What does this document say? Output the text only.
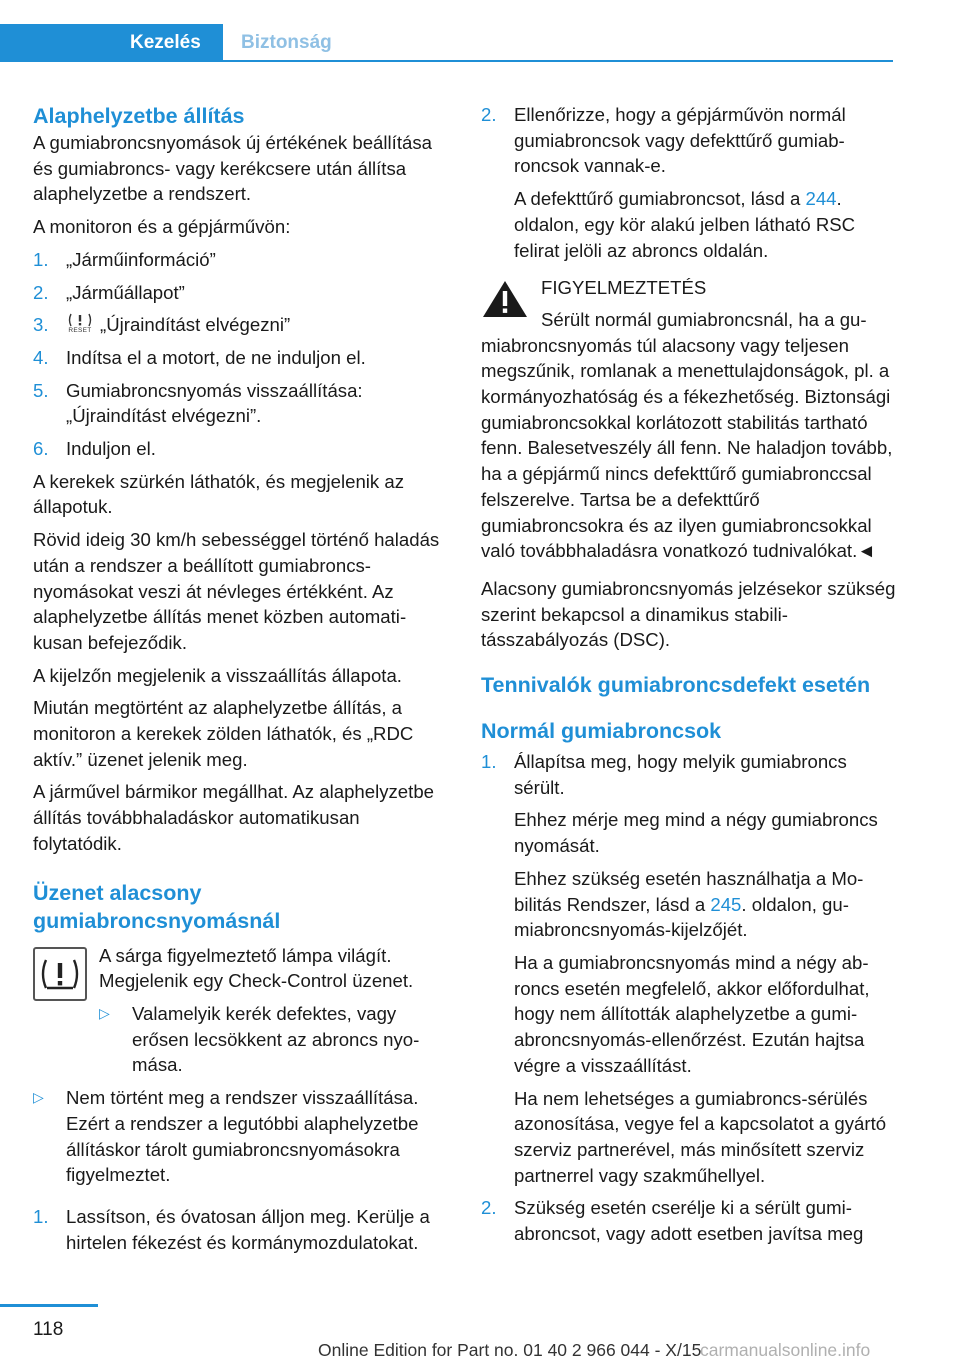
Kezelés Biztonság
Alaphelyzetbe állítás
A gumiabroncsnyomások új értékének beállítása és gumiabroncs- vagy kerékcsere után állítsa alaphelyzetbe a rendszert.
A monitoron és a gépjárművön:
1. „Járműinformáció”
2. „Járműállapot”
3.	RESET „Újraindítást elvégezni”
4. Indítsa el a motort, de ne induljon el.
5. Gumiabroncsnyomás visszaállítása: „Újraindítást elvégezni”.
6. Induljon el.
A kerekek szürkén láthatók, és megjelenik az állapotuk.
Rövid ideig 30 km/h sebességgel történő haladás után a rendszer a beállított gumiabroncsnyomásokat veszi át névleges értékként. Az alaphelyzetbe állítás menet közben automatikusan befejeződik.
A kijelzőn megjelenik a visszaállítás állapota.
Miután megtörtént az alaphelyzetbe állítás, a monitoron a kerekek zölden láthatók, és „RDC aktív.” üzenet jelenik meg.
A járművel bármikor megállhat. Az alaphelyzetbe állítás továbbhaladáskor automatikusan folytatódik.
Üzenet alacsony gumiabroncsnyomásnál
A sárga figyelmeztető lámpa világít. Megjelenik egy Check-Control üzenet.
▷ Valamelyik kerék defektes, vagy erősen lecsökkent az abroncs nyomása.
▷ Nem történt meg a rendszer visszaállítása. Ezért a rendszer a legutóbbi alaphelyzetbe állításkor tárolt gumiabroncsnyomásokra figyelmeztet.
1. Lassítson, és óvatosan álljon meg. Kerülje a hirtelen fékezést és kormánymozdulatokat.
2. Ellenőrizze, hogy a gépjárművön normál gumiabroncsok vagy defekttűrő gumiabroncsok vannak-e.
A defekttűrő gumiabroncsot, lásd a 244. oldalon, egy kör alakú jelben látható RSC felirat jelöli az abroncs oldalán.
FIGYELMEZTETÉS
Sérült normál gumiabroncsnál, ha a gumiabroncsnyomás túl alacsony vagy teljesen megszűnik, romlanak a menettulajdonságok, pl. a kormányozhatóság és a fékezhetőség. Biztonsági gumiabroncsokkal korlátozott stabilitás tartható fenn. Balesetveszély áll fenn. Ne haladjon tovább, ha a gépjármű nincs defekttűrő gumiabronccsal felszerelve. Tartsa be a defekttűrő gumiabroncsokra és az ilyen gumiabroncsokkal való továbbhaladásra vonatkozó tudnivalókat.◄
Alacsony gumiabroncsnyomás jelzésekor szükség szerint bekapcsol a dinamikus stabilitásszabályozás (DSC).
Tennivalók gumiabroncsdefekt esetén
Normál gumiabroncsok
1. Állapítsa meg, hogy melyik gumiabroncs sérült.
Ehhez mérje meg mind a négy gumiabroncs nyomását.
Ehhez szükség esetén használhatja a Mobilitás Rendszer, lásd a 245. oldalon, gumiabroncsnyomás-kijelzőjét.
Ha a gumiabroncsnyomás mind a négy abroncs esetén megfelelő, akkor előfordulhat, hogy nem állították alaphelyzetbe a gumiabroncsnyomás-ellenőrzést. Ezután hajtsa végre a visszaállítást.
Ha nem lehetséges a gumiabroncs-sérülés azonosítása, vegye fel a kapcsolatot a gyártó szerviz partnerével, más minősített szerviz partnerrel vagy szakműhellyel.
2. Szükség esetén cserélje ki a sérült gumiabroncsot, vagy adott esetben javítsa meg
118
Online Edition for Part no. 01 40 2 966 044 - X/15
carmanualsonline.info
